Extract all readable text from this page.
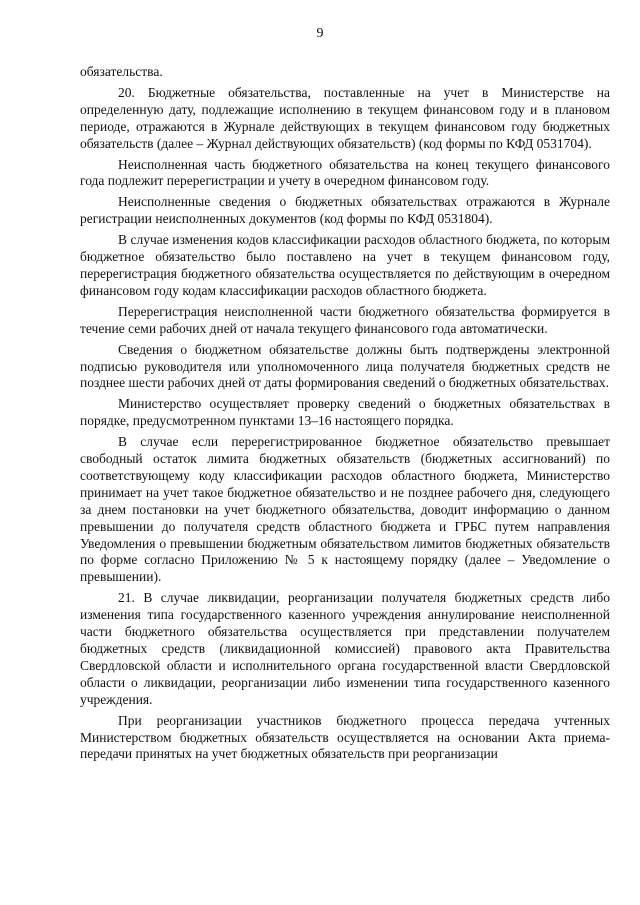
9

обязательства.

20. Бюджетные обязательства, поставленные на учет в Министерстве на определенную дату, подлежащие исполнению в текущем финансовом году и в плановом периоде, отражаются в Журнале действующих в текущем финансовом году бюджетных обязательств (далее – Журнал действующих обязательств) (код формы по КФД 0531704).

Неисполненная часть бюджетного обязательства на конец текущего финансового года подлежит перерегистрации и учету в очередном финансовом году.

Неисполненные сведения о бюджетных обязательствах отражаются в Журнале регистрации неисполненных документов (код формы по КФД 0531804).

В случае изменения кодов классификации расходов областного бюджета, по которым бюджетное обязательство было поставлено на учет в текущем финансовом году, перерегистрация бюджетного обязательства осуществляется по действующим в очередном финансовом году кодам классификации расходов областного бюджета.

Перерегистрация неисполненной части бюджетного обязательства формируется в течение семи рабочих дней от начала текущего финансового года автоматически.

Сведения о бюджетном обязательстве должны быть подтверждены электронной подписью руководителя или уполномоченного лица получателя бюджетных средств не позднее шести рабочих дней от даты формирования сведений о бюджетных обязательствах.

Министерство осуществляет проверку сведений о бюджетных обязательствах в порядке, предусмотренном пунктами 13–16 настоящего порядка.

В случае если перерегистрированное бюджетное обязательство превышает свободный остаток лимита бюджетных обязательств (бюджетных ассигнований) по соответствующему коду классификации расходов областного бюджета, Министерство принимает на учет такое бюджетное обязательство и не позднее рабочего дня, следующего за днем постановки на учет бюджетного обязательства, доводит информацию о данном превышении до получателя средств областного бюджета и ГРБС путем направления Уведомления о превышении бюджетным обязательством лимитов бюджетных обязательств по форме согласно Приложению № 5 к настоящему порядку (далее – Уведомление о превышении).

21. В случае ликвидации, реорганизации получателя бюджетных средств либо изменения типа государственного казенного учреждения аннулирование неисполненной части бюджетного обязательства осуществляется при представлении получателем бюджетных средств (ликвидационной комиссией) правового акта Правительства Свердловской области и исполнительного органа государственной власти Свердловской области о ликвидации, реорганизации либо изменении типа государственного казенного учреждения.

При реорганизации участников бюджетного процесса передача учтенных Министерством бюджетных обязательств осуществляется на основании Акта приема-передачи принятых на учет бюджетных обязательств при реорганизации
